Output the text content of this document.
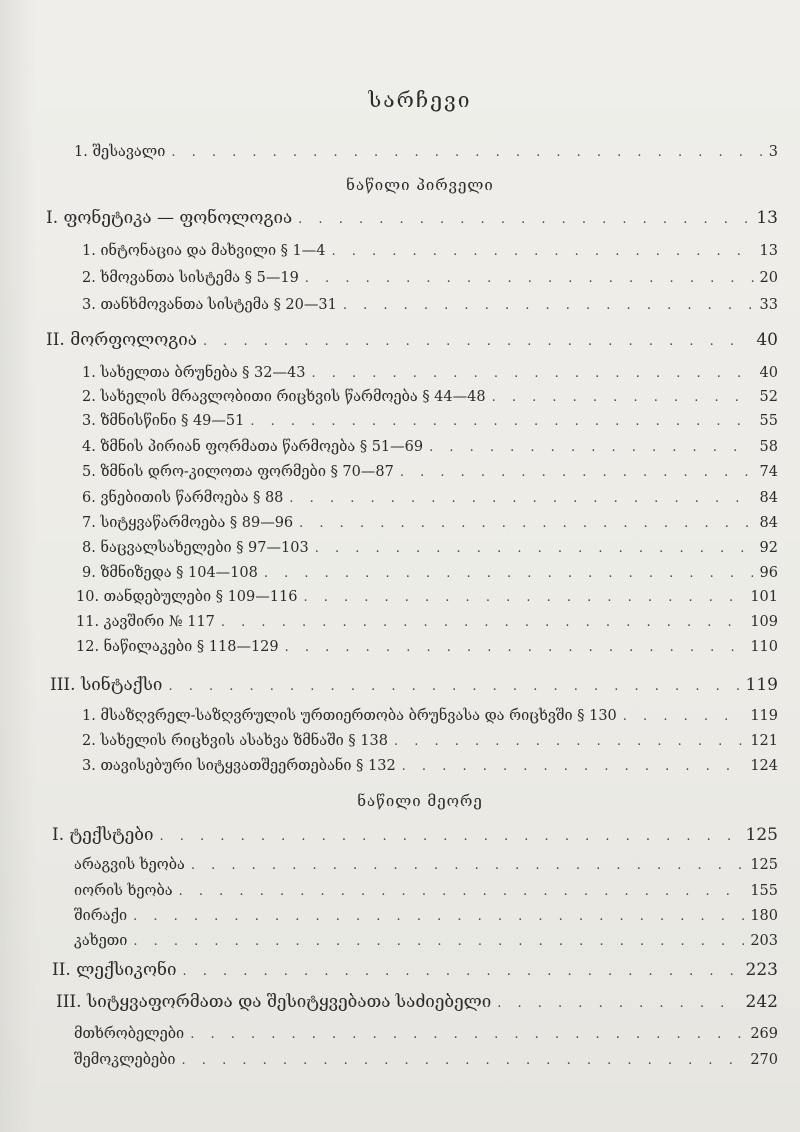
სარჩევი
1. შესავალი . . .	3
ნაწილი პირველი
I. ფონეტიკა — ფონოლოგია . . .	13
1. ინტონაცია და მახვილი § 1—4 . . .	13
2. ხმოვანთა სისტემა § 5—19 . . .	20
3. თანხმოვანთა სისტემა § 20—31 . . .	33
II. მორფოლოგია . . .	40
1. სახელთა ბრუნება § 32—43 . . .	40
2. სახელის მრავლობითი რიცხვის წარმოება § 44—48 . . .	52
3. ზმნისწინი § 49—51 . . .	55
4. ზმნის პირიან ფორმათა წარმოება § 51—69 . . .	58
5. ზმნის დრო-კილოთა ფორმები § 70—87 . . .	74
6. ვნებითის წარმოება § 88 . . .	84
7. სიტყვაწარმოება § 89—96 . . .	84
8. ნაცვალსახელები § 97—103 . . .	92
9. ზმნიზედა § 104—108 . . .	96
10. თანდებულები § 109—116 . . .	101
11. კავშირი № 117 . . .	109
12. ნაწილაკები § 118—129 . . .	110
III. სინტაქსი . . .	119
1. მსაზღვრელ-საზღვრულის ურთიერთობა ბრუნვასა და რიცხვში § 130 . . .	119
2. სახელის რიცხვის ასახვა ზმნაში § 138 . . .	121
3. თავისებური სიტყვათშეერთებანი § 132 . . .	124
ნაწილი მეორე
I. ტექსტები . . .	125
არაგვის ხეობა . . .	125
იორის ხეობა . . .	155
შირაქი . . .	180
კახეთი . . .	203
II. ლექსიკონი . . .	223
III. სიტყვაფორმათა და შესიტყვებათა საძიებელი . . .	242
მთხრობელები . . .	269
შემოკლებები . . .	270
